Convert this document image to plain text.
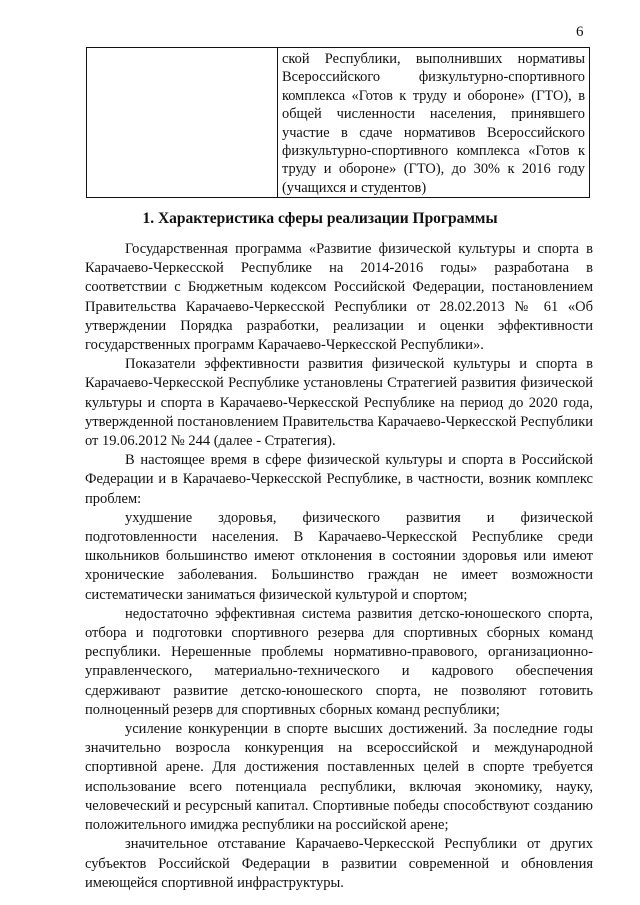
6
	ской Республики, выполнивших нормативы Всероссийского физкультурно-спортивного комплекса «Готов к труду и обороне» (ГТО), в общей численности населения, принявшего участие в сдаче нормативов Всероссийского физкультурно-спортивного комплекса «Готов к труду и обороне» (ГТО), до 30% к 2016 году (учащихся и студентов)
1. Характеристика сферы реализации Программы

Государственная программа «Развитие физической культуры и спорта в Карачаево-Черкесской Республике на 2014-2016 годы» разработана в соответствии с Бюджетным кодексом Российской Федерации, постановлением Правительства Карачаево-Черкесской Республики от 28.02.2013 № 61 «Об утверждении Порядка разработки, реализации и оценки эффективности государственных программ Карачаево-Черкесской Республики».

Показатели эффективности развития физической культуры и спорта в Карачаево-Черкесской Республике установлены Стратегией развития физической культуры и спорта в Карачаево-Черкесской Республике на период до 2020 года, утвержденной постановлением Правительства Карачаево-Черкесской Республики от 19.06.2012 № 244 (далее - Стратегия).

В настоящее время в сфере физической культуры и спорта в Российской Федерации и в Карачаево-Черкесской Республике, в частности, возник комплекс проблем:

ухудшение здоровья, физического развития и физической подготовленности населения. В Карачаево-Черкесской Республике среди школьников большинство имеют отклонения в состоянии здоровья или имеют хронические заболевания. Большинство граждан не имеет возможности систематически заниматься физической культурой и спортом;

недостаточно эффективная система развития детско-юношеского спорта, отбора и подготовки спортивного резерва для спортивных сборных команд республики. Нерешенные проблемы нормативно-правового, организационно-управленческого, материально-технического и кадрового обеспечения сдерживают развитие детско-юношеского спорта, не позволяют готовить полноценный резерв для спортивных сборных команд республики;

усиление конкуренции в спорте высших достижений. За последние годы значительно возросла конкуренция на всероссийской и международной спортивной арене. Для достижения поставленных целей в спорте требуется использование всего потенциала республики, включая экономику, науку, человеческий и ресурсный капитал. Спортивные победы способствуют созданию положительного имиджа республики на российской арене;

значительное отставание Карачаево-Черкесской Республики от других субъектов Российской Федерации в развитии современной и обновления имеющейся спортивной инфраструктуры.
